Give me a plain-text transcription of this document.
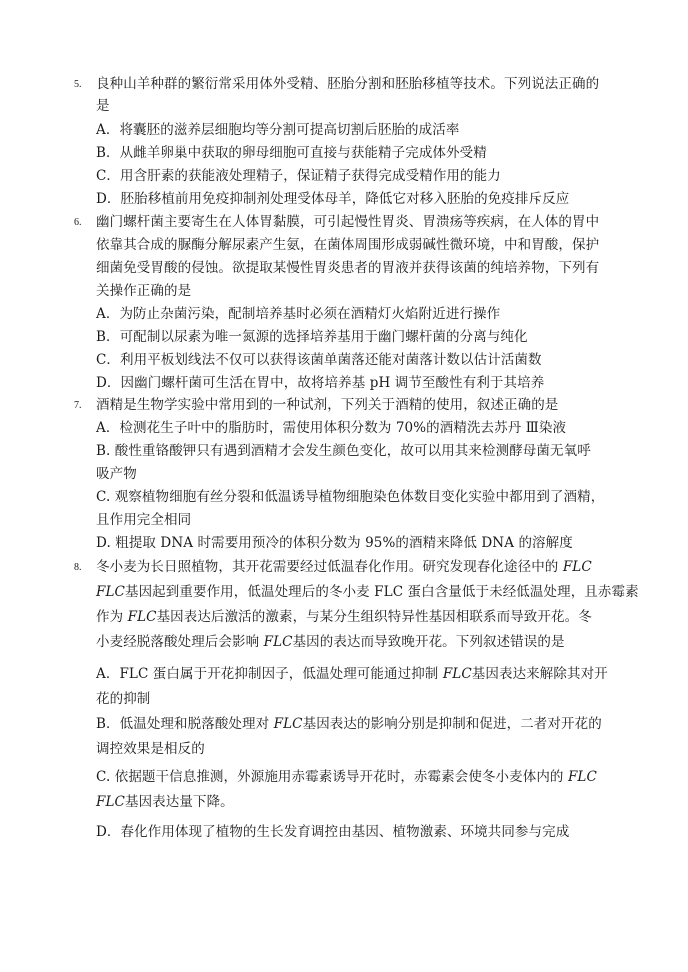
5. 良种山羊种群的繁衍常采用体外受精、胚胎分割和胚胎移植等技术。下列说法正确的
是
A．将囊胚的滋养层细胞均等分割可提高切割后胚胎的成活率
B．从雌羊卵巢中获取的卵母细胞可直接与获能精子完成体外受精
C．用含肝素的获能液处理精子，保证精子获得完成受精作用的能力
D．胚胎移植前用免疫抑制剂处理受体母羊，降低它对移入胚胎的免疫排斥反应
6. 幽门螺杆菌主要寄生在人体胃黏膜，可引起慢性胃炎、胃溃疡等疾病，在人体的胃中
依靠其合成的脲酶分解尿素产生氨，在菌体周围形成弱碱性微环境，中和胃酸，保护
细菌免受胃酸的侵蚀。欲提取某慢性胃炎患者的胃液并获得该菌的纯培养物，下列有
关操作正确的是
A．为防止杂菌污染，配制培养基时必须在酒精灯火焰附近进行操作
B．可配制以尿素为唯一氮源的选择培养基用于幽门螺杆菌的分离与纯化
C．利用平板划线法不仅可以获得该菌单菌落还能对菌落计数以估计活菌数
D．因幽门螺杆菌可生活在胃中，故将培养基 pH 调节至酸性有利于其培养
7. 酒精是生物学实验中常用到的一种试剂，下列关于酒精的使用，叙述正确的是
A．检测花生子叶中的脂肪时，需使用体积分数为 70%的酒精洗去苏丹 Ⅲ染液
B. 酸性重铬酸钾只有遇到酒精才会发生颜色变化，故可以用其来检测酵母菌无氧呼
吸产物
C. 观察植物细胞有丝分裂和低温诱导植物细胞染色体数目变化实验中都用到了酒精，
且作用完全相同
D. 粗提取 DNA 时需要用预冷的体积分数为 95%的酒精来降低 DNA 的溶解度
8. 冬小麦为长日照植物，其开花需要经过低温春化作用。研究发现春化途径中的 FLC
FLC基因起到重要作用，低温处理后的冬小麦 FLC 蛋白含量低于未经低温处理，且赤霉素
作为 FLC基因表达后激活的激素，与某分生组织特异性基因相联系而导致开花。冬
小麦经脱落酸处理后会影响 FLC基因的表达而导致晚开花。下列叙述错误的是
A．FLC 蛋白属于开花抑制因子，低温处理可能通过抑制 FLC基因表达来解除其对开
花的抑制
B．低温处理和脱落酸处理对 FLC基因表达的影响分别是抑制和促进，二者对开花的
调控效果是相反的
C. 依据题干信息推测，外源施用赤霉素诱导开花时，赤霉素会使冬小麦体内的 FLC
FLC基因表达量下降。
D．春化作用体现了植物的生长发育调控由基因、植物激素、环境共同参与完成
